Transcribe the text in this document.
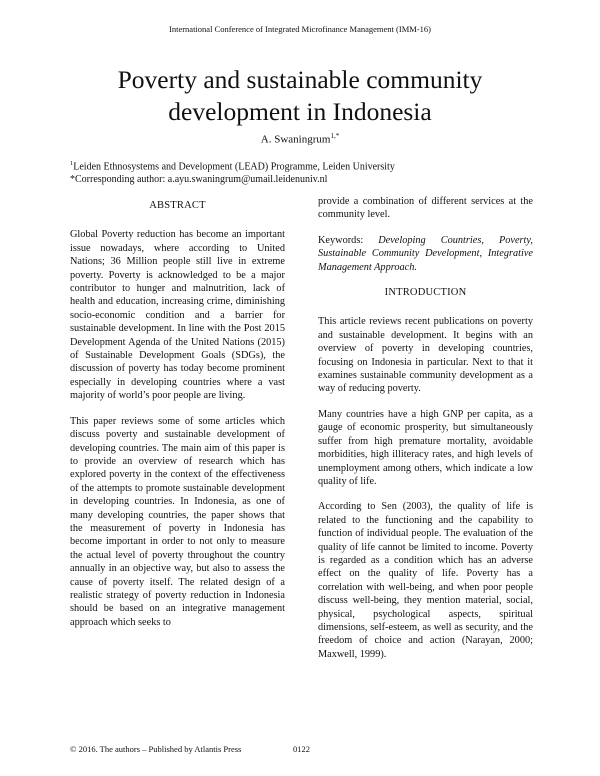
International Conference of Integrated Microfinance Management (IMM-16)
Poverty and sustainable community
development in Indonesia
A. Swaningrum$^{1,*}$
$^1$Leiden Ethnosystems and Development (LEAD) Programme, Leiden University
*Corresponding author: a.ayu.swaningrum@umail.leidenuniv.nl
ABSTRACT

Global Poverty reduction has become an important issue nowadays, where according to United Nations; 36 Million people still live in extreme poverty. Poverty is acknowledged to be a major contributor to hunger and malnutrition, lack of health and education, increasing crime, diminishing socio-economic condition and a barrier for sustainable development. In line with the Post 2015 Development Agenda of the United Nations (2015) of Sustainable Development Goals (SDGs), the discussion of poverty has today become prominent especially in developing countries where a vast majority of world’s poor people are living.

This paper reviews some of some articles which discuss poverty and sustainable development of developing countries. The main aim of this paper is to provide an overview of research which has explored poverty in the context of the effectiveness of the attempts to promote sustainable development in developing countries. In Indonesia, as one of many developing countries, the paper shows that the measurement of poverty in Indonesia has become important in order to not only to measure the actual level of poverty throughout the country annually in an objective way, but also to assess the cause of poverty itself. The related design of a realistic strategy of poverty reduction in Indonesia should be based on an integrative management approach which seeks to

provide a combination of different services at the community level.

Keywords: Developing Countries, Poverty, Sustainable Community Development, Integrative Management Approach.

INTRODUCTION

This article reviews recent publications on poverty and sustainable development. It begins with an overview of poverty in developing countries, focusing on Indonesia in particular. Next to that it examines sustainable community development as a way of reducing poverty.

Many countries have a high GNP per capita, as a gauge of economic prosperity, but simultaneously suffer from high premature mortality, avoidable morbidities, high illiteracy rates, and high levels of unemployment among others, which indicate a low quality of life.

According to Sen (2003), the quality of life is related to the functioning and the capability to function of individual people. The evaluation of the quality of life cannot be limited to income. Poverty is regarded as a condition which has an adverse effect on the quality of life. Poverty has a correlation with well-being, and when poor people discuss well-being, they mention material, social, physical, psychological aspects, spiritual dimensions, self-esteem, as well as security, and the freedom of choice and action (Narayan, 2000; Maxwell, 1999).

© 2016. The authors – Published by Atlantis Press	0122
